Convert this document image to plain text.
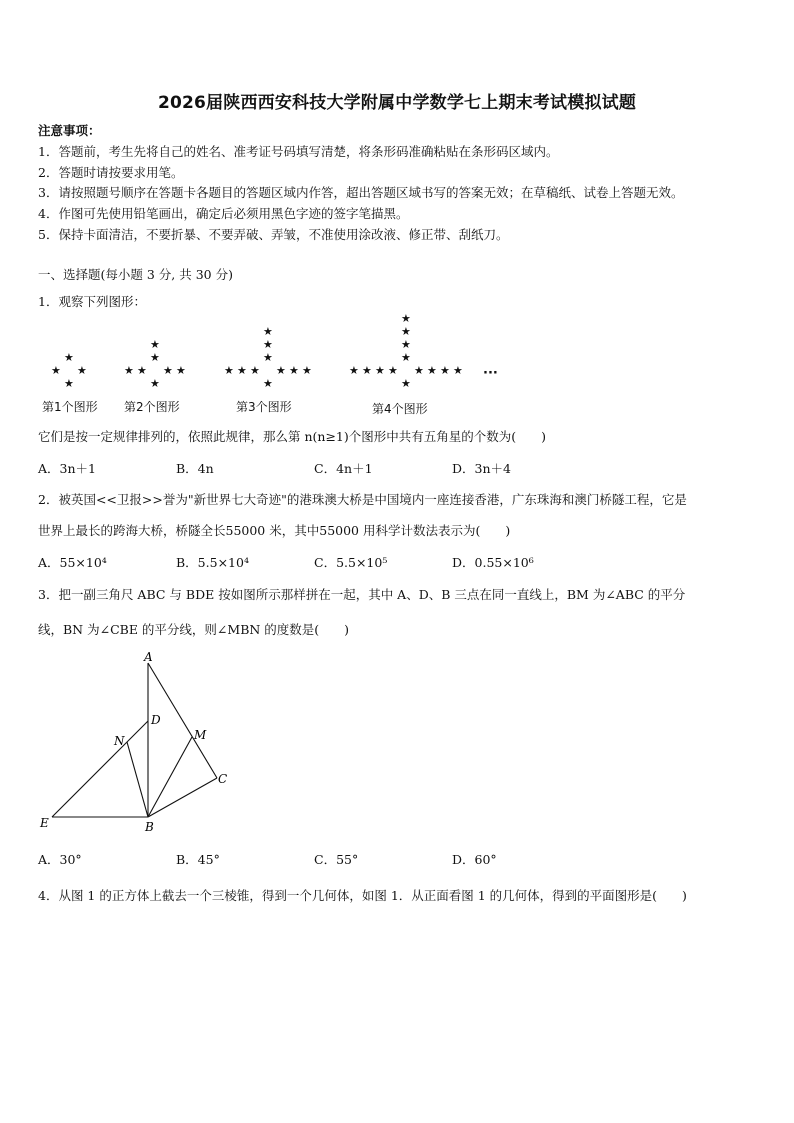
2026届陕西西安科技大学附属中学数学七上期末考试模拟试题
注意事项：
1．答题前，考生先将自己的姓名、准考证号码填写清楚，将条形码准确粘贴在条形码区域内。
2．答题时请按要求用笔。
3．请按照题号顺序在答题卡各题目的答题区域内作答，超出答题区域书写的答案无效；在草稿纸、试卷上答题无效。
4．作图可先使用铅笔画出，确定后必须用黑色字迹的签字笔描黑。
5．保持卡面清洁，不要折暴、不要弄破、弄皱，不准使用涂改液、修正带、刮纸刀。
一、选择题(每小题 3 分, 共 30 分)
1．观察下列图形：
★ ★
★
★
★ ★
★
★	★
★
★
★ ★
★
★	★
★
★	★
★
★
★ ★
★
★	★
★
★	★
★
★	★
★
★
第1个图形 第2个图形	第3个图形	第4个图形
···
它们是按一定规律排列的，依照此规律，那么第 n(n≥1)个图形中共有五角星的个数为(　　)
A．3n＋1	B．4n	C．4n＋1	D．3n＋4
2．被英国<<卫报>>誉为"新世界七大奇迹"的港珠澳大桥是中国境内一座连接香港，广东珠海和澳门桥隧工程，它是
世界上最长的跨海大桥，桥隧全长55000 米，其中55000 用科学计数法表示为(　　)
A．55×10⁴	B．5.5×10⁴	C．5.5×10⁵	D．0.55×10⁶
3．把一副三角尺 ABC 与 BDE 按如图所示那样拼在一起，其中 A、D、B 三点在同一直线上，BM 为∠ABC 的平分
线，BN 为∠CBE 的平分线，则∠MBN 的度数是(　　)
A
D
N	M
C
E	B
A．30°	B．45°	C．55°	D．60°
4．从图 1 的正方体上截去一个三棱锥，得到一个几何体，如图 1．从正面看图 1 的几何体，得到的平面图形是(　　)
